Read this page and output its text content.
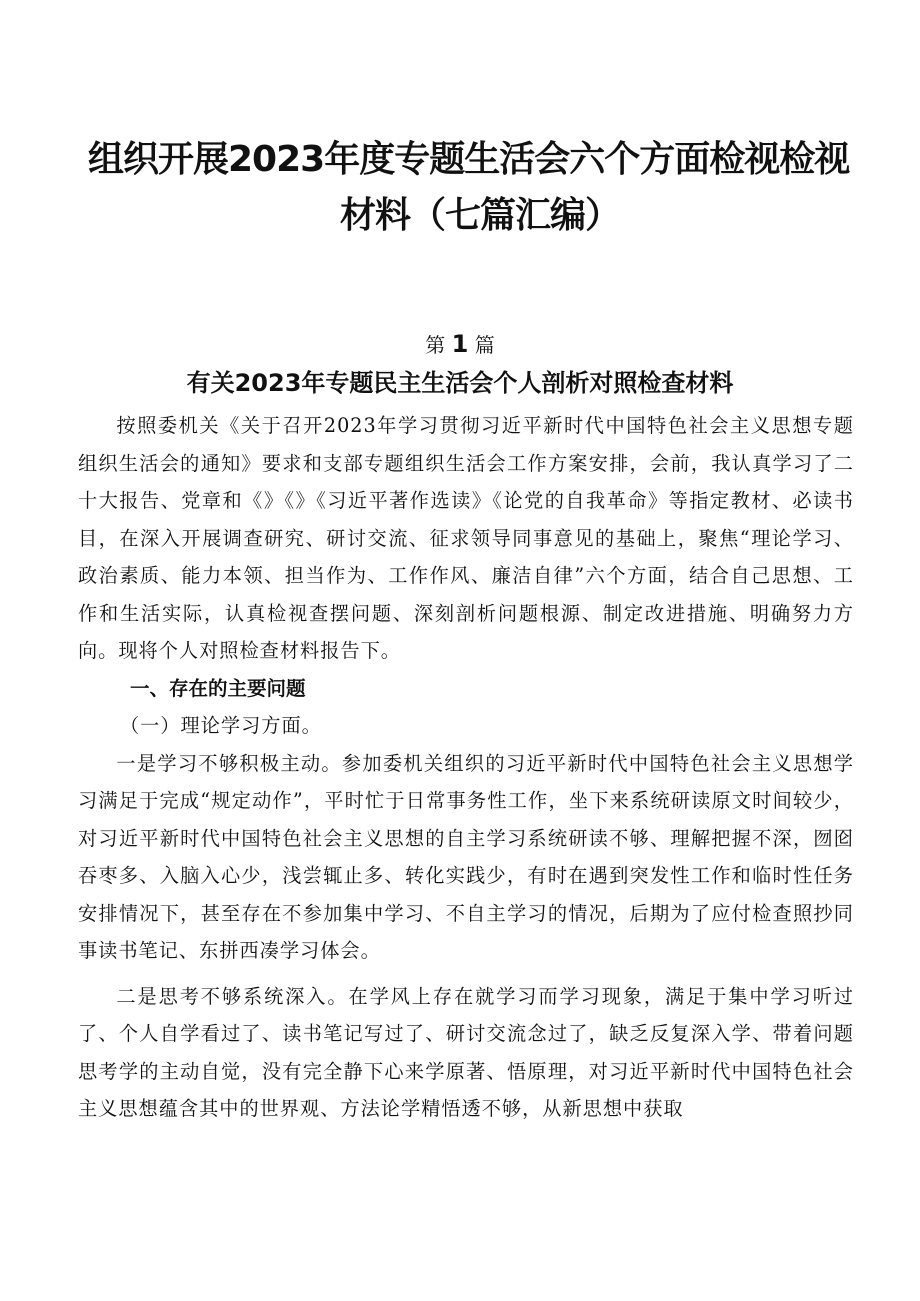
组织开展2023年度专题生活会六个方面检视检视
材料（七篇汇编）
第 1 篇
有关2023年专题民主生活会个人剖析对照检查材料

按照委机关《关于召开2023年学习贯彻习近平新时代中国特色社会主义思想专题组织生活会的通知》要求和支部专题组织生活会工作方案安排，会前，我认真学习了二十大报告、党章和《》《》《习近平著作选读》《论党的自我革命》等指定教材、必读书目，在深入开展调查研究、研讨交流、征求领导同事意见的基础上，聚焦“理论学习、政治素质、能力本领、担当作为、工作作风、廉洁自律”六个方面，结合自己思想、工作和生活实际，认真检视查摆问题、深刻剖析问题根源、制定改进措施、明确努力方向。现将个人对照检查材料报告下。

一、存在的主要问题
（一）理论学习方面。

一是学习不够积极主动。参加委机关组织的习近平新时代中国特色社会主义思想学习满足于完成“规定动作”，平时忙于日常事务性工作，坐下来系统研读原文时间较少，对习近平新时代中国特色社会主义思想的自主学习系统研读不够、理解把握不深，囫囵吞枣多、入脑入心少，浅尝辄止多、转化实践少，有时在遇到突发性工作和临时性任务安排情况下，甚至存在不参加集中学习、不自主学习的情况，后期为了应付检查照抄同事读书笔记、东拼西凑学习体会。

二是思考不够系统深入。在学风上存在就学习而学习现象，满足于集中学习听过了、个人自学看过了、读书笔记写过了、研讨交流念过了，缺乏反复深入学、带着问题思考学的主动自觉，没有完全静下心来学原著、悟原理，对习近平新时代中国特色社会主义思想蕴含其中的世界观、方法论学精悟透不够，从新思想中获取
